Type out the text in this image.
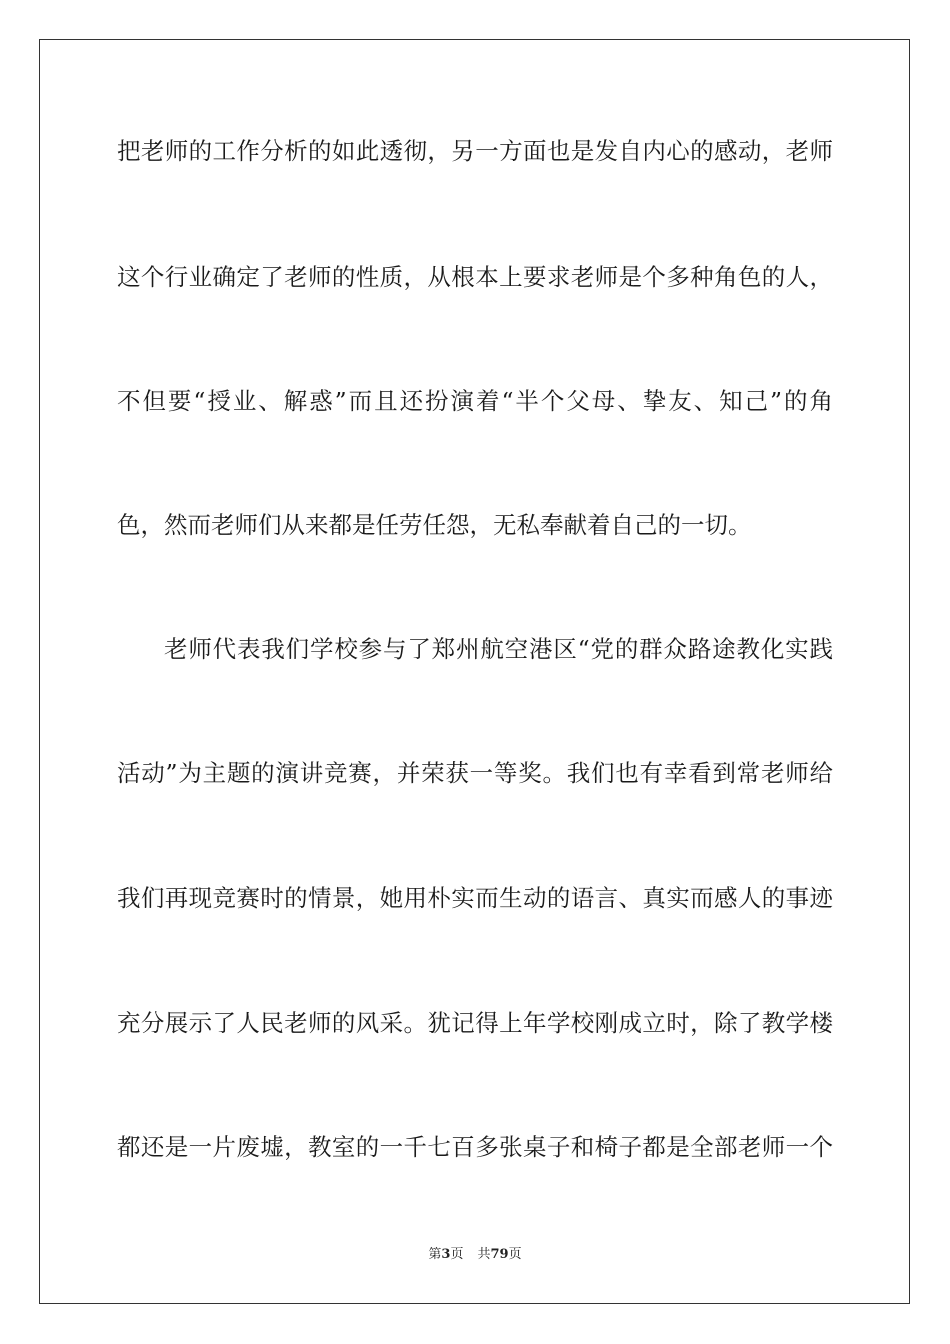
把老师的工作分析的如此透彻，另一方面也是发自内心的感动，老师
这个行业确定了老师的性质，从根本上要求老师是个多种角色的人，
不但要“授业、解惑”而且还扮演着“半个父母、挚友、知己”的角
色，然而老师们从来都是任劳任怨，无私奉献着自己的一切。
老师代表我们学校参与了郑州航空港区“党的群众路途教化实践
活动”为主题的演讲竞赛，并荣获一等奖。我们也有幸看到常老师给
我们再现竞赛时的情景，她用朴实而生动的语言、真实而感人的事迹
充分展示了人民老师的风采。犹记得上年学校刚成立时，除了教学楼
都还是一片废墟，教室的一千七百多张桌子和椅子都是全部老师一个
第3页 共79页
